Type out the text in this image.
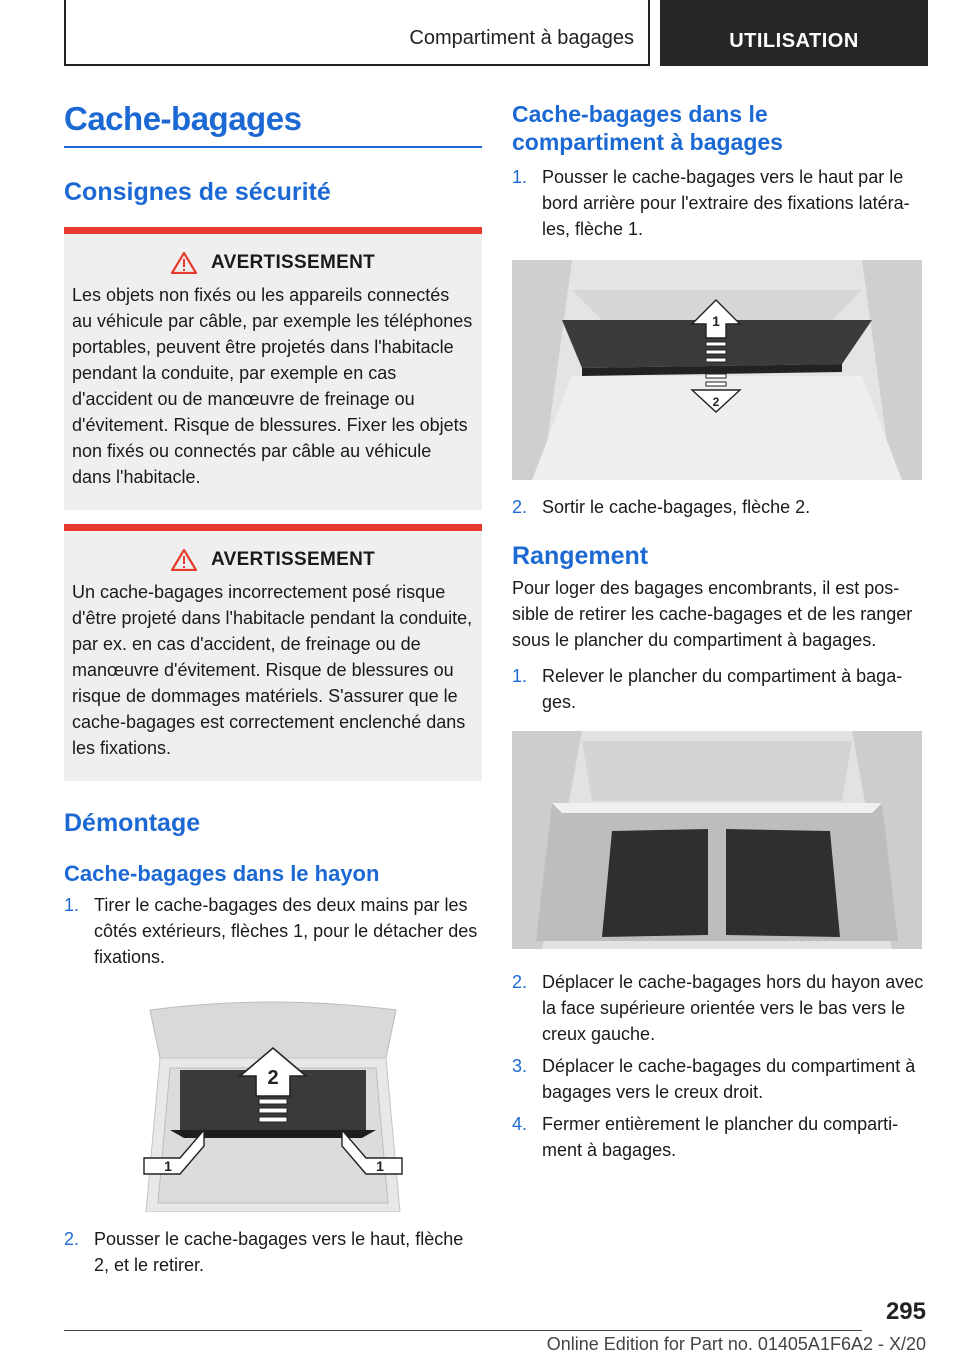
Compartiment à bagages	UTILISATION
Cache-bagages
Consignes de sécurité
AVERTISSEMENT

Les objets non fixés ou les appareils connectés au véhicule par câble, par exemple les téléphones portables, peuvent être projetés dans l'habitacle pendant la conduite, par exemple en cas d'accident ou de manœuvre de freinage ou d'évitement. Risque de blessures. Fixer les objets non fixés ou connectés par câble au véhicule dans l'habitacle.

AVERTISSEMENT

Un cache-bagages incorrectement posé risque d'être projeté dans l'habitacle pendant la conduite, par ex. en cas d'accident, de freinage ou de manœuvre d'évitement. Risque de blessures ou risque de dommages matériels. S'assurer que le cache-bagages est correctement enclenché dans les fixations.

Démontage
Cache-bagages dans le hayon
1. Tirer le cache-bagages des deux mains par les côtés extérieurs, flèches 1, pour le détacher des fixations.
2
1	1
2. Pousser le cache-bagages vers le haut, flèche 2, et le retirer.
Cache-bagages dans le compartiment à bagages
1. Pousser le cache-bagages vers le haut par le bord arrière pour l'extraire des fixations latérales, flèche 1.
1
2
2. Sortir le cache-bagages, flèche 2.
Rangement

Pour loger des bagages encombrants, il est possible de retirer les cache-bagages et de les ranger sous le plancher du compartiment à bagages.

1. Relever le plancher du compartiment à bagages.
2. Déplacer le cache-bagages hors du hayon avec la face supérieure orientée vers le bas vers le creux gauche.
3. Déplacer le cache-bagages du compartiment à bagages vers le creux droit.
4. Fermer entièrement le plancher du compartiment à bagages.
295
Online Edition for Part no. 01405A1F6A2 - X/20
